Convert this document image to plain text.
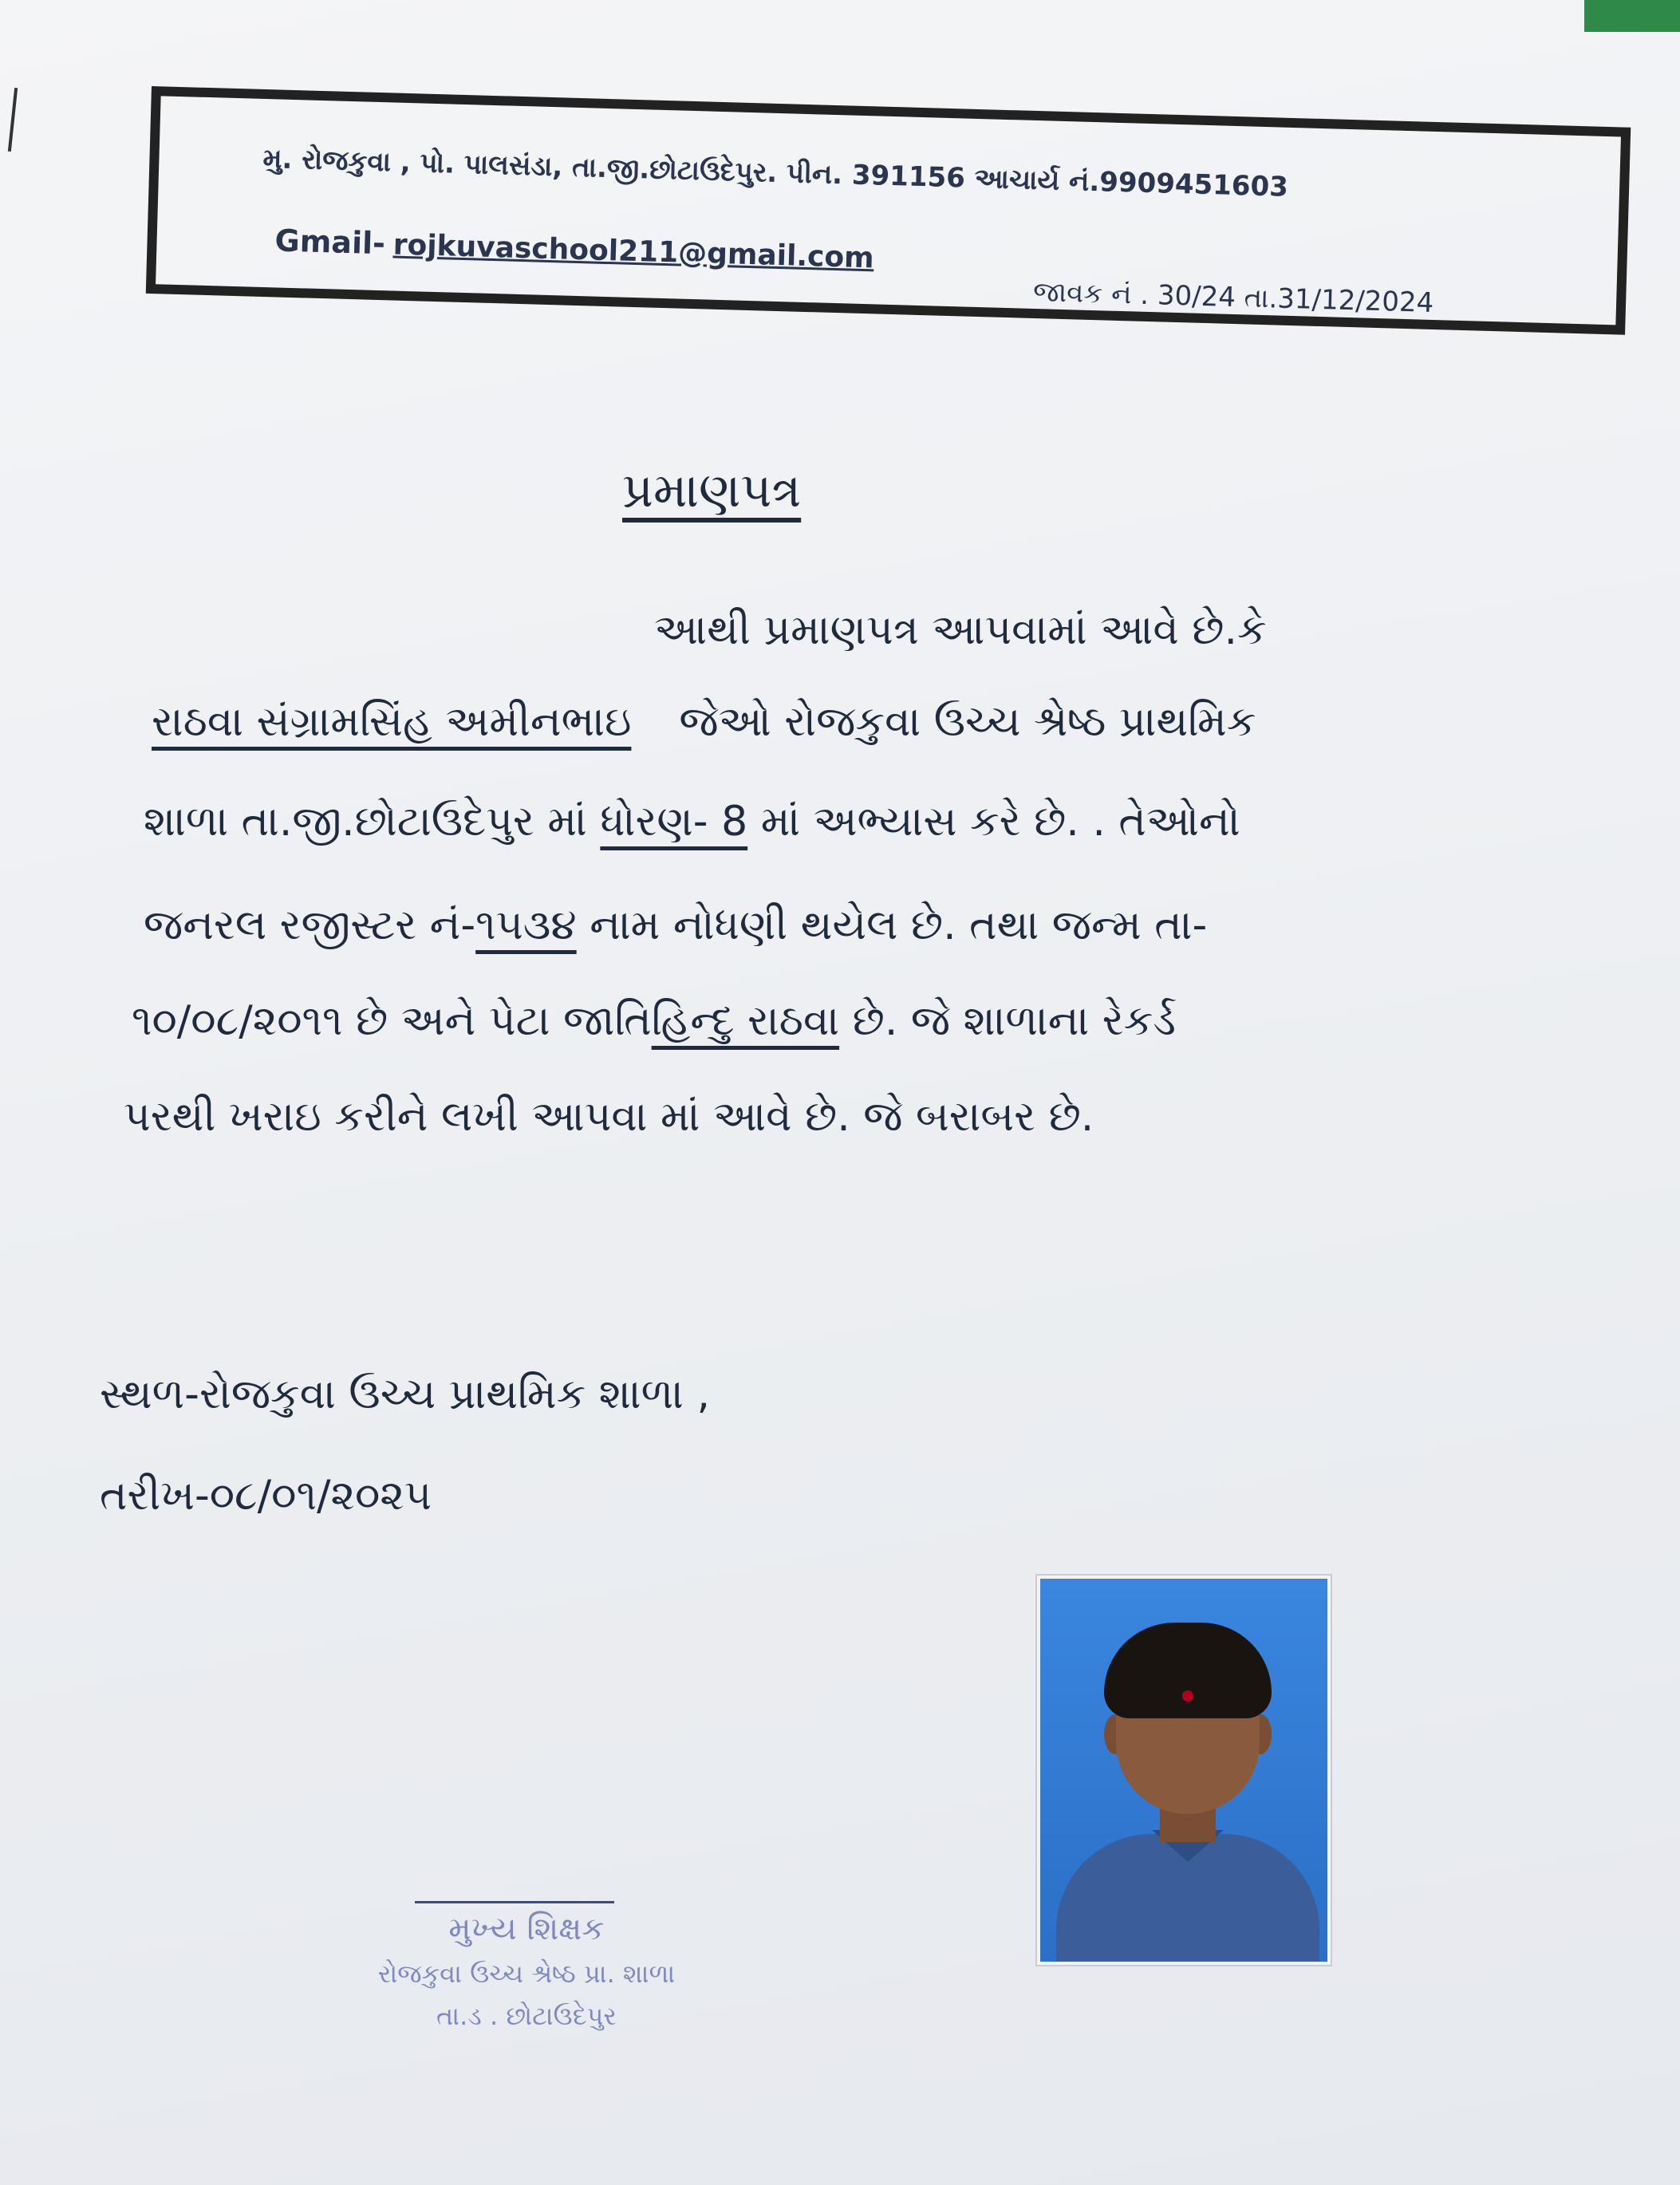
મુ. રોજકુવા , પો. પાલસંડા, તા.જી.છોટાઉદેપુર. પીન. 391156 આચાર્ય નં.9909451603
Gmail- rojkuvaschool211@gmail.com
જાવક નં . 30/24 તા.31/12/2024
પ્રમાણપત્ર
આથી પ્રમાણપત્ર આપવામાં આવે છે.કે
રાઠવા સંગ્રામસિંહ અમીનભાઇ જેઓ રોજકુવા ઉચ્ચ શ્રેષ્ઠ પ્રાથમિક
શાળા તા.જી.છોટાઉદેપુર માં ધોરણ- 8 માં અભ્યાસ કરે છે. . તેઓનો
જનરલ રજીસ્ટર નં-૧૫૩૪ નામ નોધણી થયેલ છે. તથા જન્મ તા-
૧૦/૦૮/૨૦૧૧ છે અને પેટા જાતિહિન્દુ રાઠવા છે. જે શાળાના રેકર્ડ
પરથી ખરાઇ કરીને લખી આપવા માં આવે છે. જે બરાબર છે.
સ્થળ-રોજકુવા ઉચ્ચ પ્રાથમિક શાળા ,
તરીખ-૦૮/૦૧/૨૦૨૫
મુખ્ય શિક્ષક
રોજકુવા ઉચ્ચ શ્રેષ્ઠ પ્રા. શાળા
તા.ડ . છોટાઉદેપુર
